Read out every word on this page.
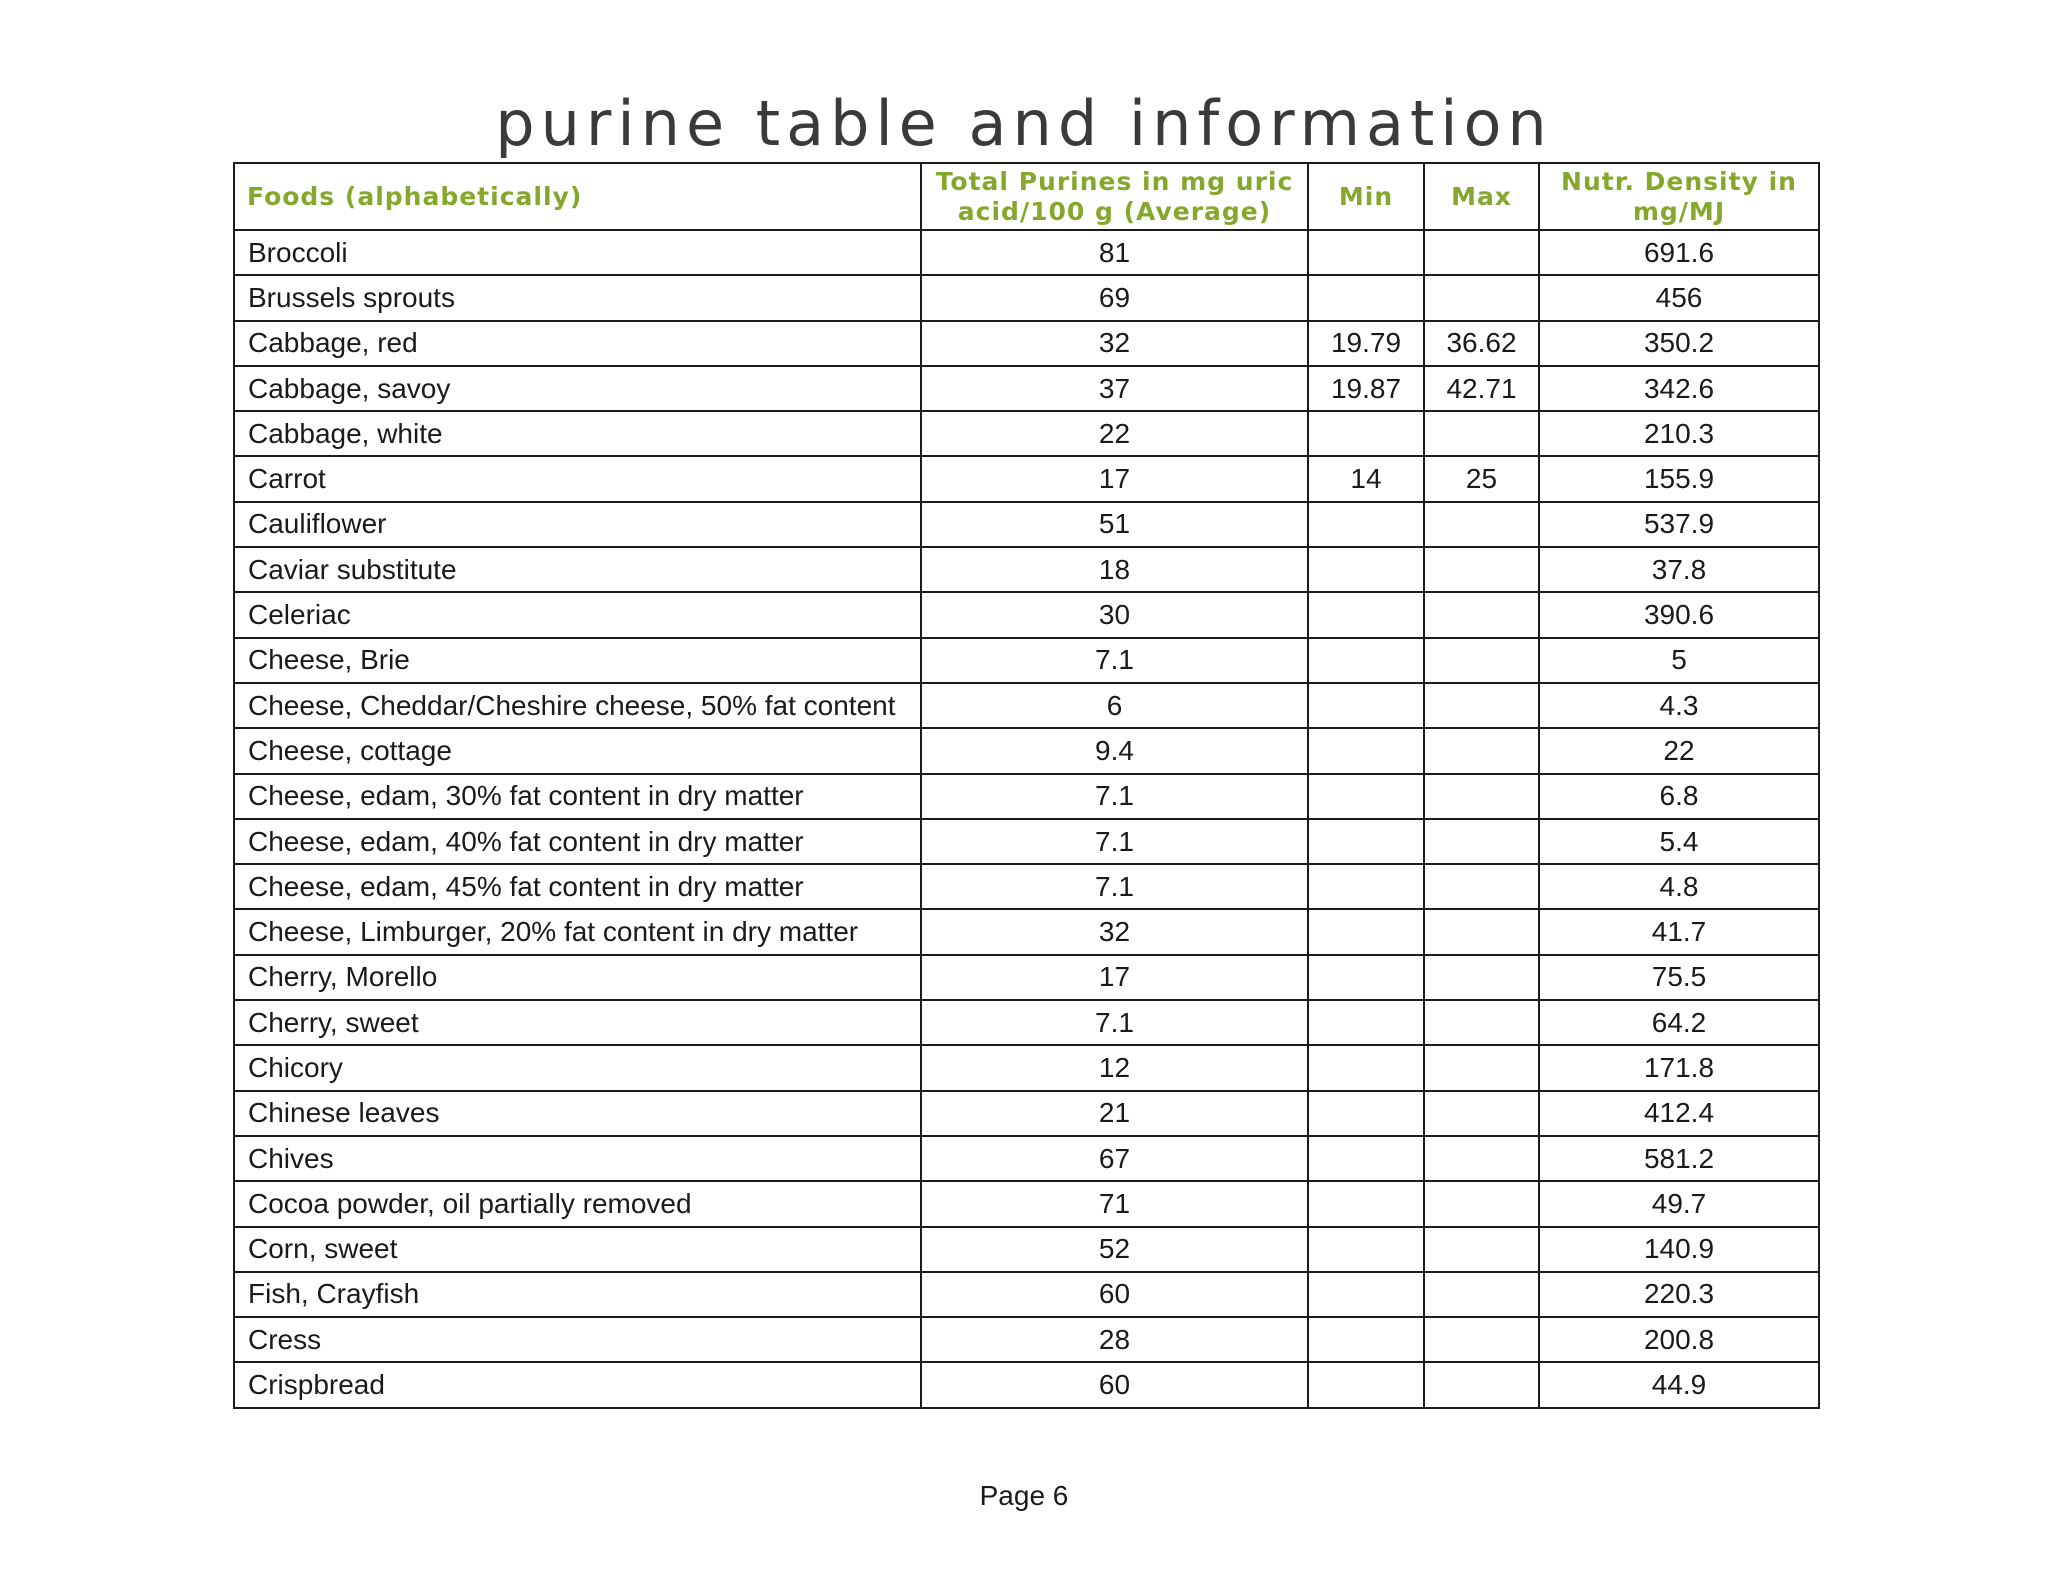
purine table and information
Foods (alphabetically)	Total Purines in mg uric acid/100 g (Average)	Min	Max	Nutr. Density in mg/MJ
Broccoli	81			691.6
Brussels sprouts	69			456
Cabbage, red	32	19.79	36.62	350.2
Cabbage, savoy	37	19.87	42.71	342.6
Cabbage, white	22			210.3
Carrot	17	14	25	155.9
Cauliflower	51			537.9
Caviar substitute	18			37.8
Celeriac	30			390.6
Cheese, Brie	7.1			5
Cheese, Cheddar/Cheshire cheese, 50% fat content	6			4.3
Cheese, cottage	9.4			22
Cheese, edam, 30% fat content in dry matter	7.1			6.8
Cheese, edam, 40% fat content in dry matter	7.1			5.4
Cheese, edam, 45% fat content in dry matter	7.1			4.8
Cheese, Limburger, 20% fat content in dry matter	32			41.7
Cherry, Morello	17			75.5
Cherry, sweet	7.1			64.2
Chicory	12			171.8
Chinese leaves	21			412.4
Chives	67			581.2
Cocoa powder, oil partially removed	71			49.7
Corn, sweet	52			140.9
Fish, Crayfish	60			220.3
Cress	28			200.8
Crispbread	60			44.9
Page 6
